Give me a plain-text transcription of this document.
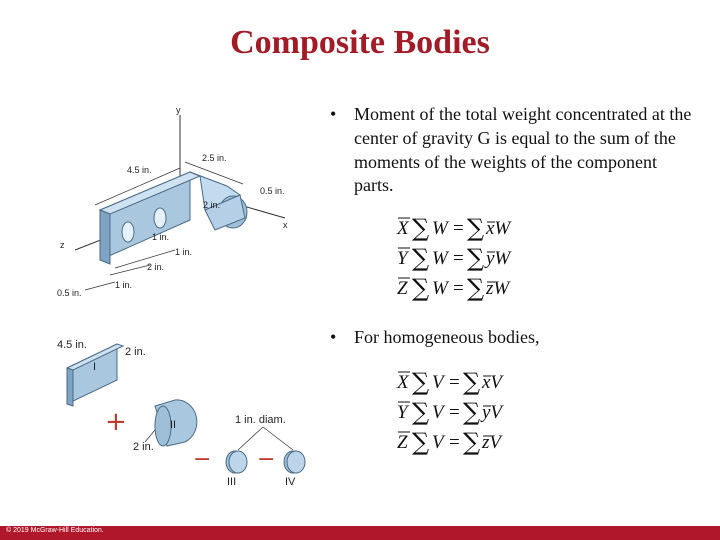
Composite Bodies
y
z
x
4.5 in.
2.5 in.
0.5 in.
2 in.
1 in.
1 in.
2 in.
0.5 in.
1 in.
4.5 in.
2 in.
I
+	II
2 in.
1 in. diam.
− −
III	IV
• Moment of the total weight concentrated at the center of gravity G is equal to the sum of the moments of the weights of the component parts.
X ∑ W = ∑ xW
Y ∑ W = ∑ yW
Z ∑ W = ∑ zW
• For homogeneous bodies,
X ∑ V = ∑ xV
Y ∑ V = ∑ yV
Z ∑ V = ∑ zV
© 2019 McGraw-Hill Education.
